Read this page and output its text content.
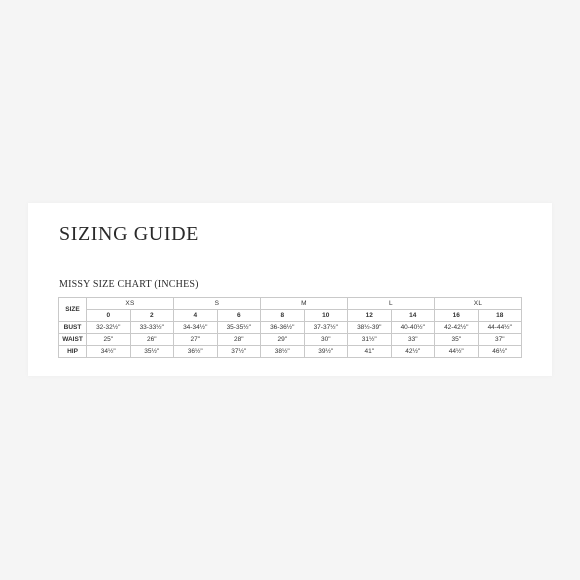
SIZING GUIDE
MISSY SIZE CHART (INCHES)
SIZE	XS		S		M		L		XL	
	0	2	4	6	8	10	12	14	16	18
BUST	32-32½"	33-33½"	34-34½"	35-35½"	36-36½"	37-37½"	38½-39"	40-40½"	42-42½"	44-44½"
WAIST	25"	26"	27"	28"	29"	30"	31½"	33"	35"	37"
HIP	34½"	35½"	36½"	37½"	38½"	39½"	41"	42½"	44½"	46½"
